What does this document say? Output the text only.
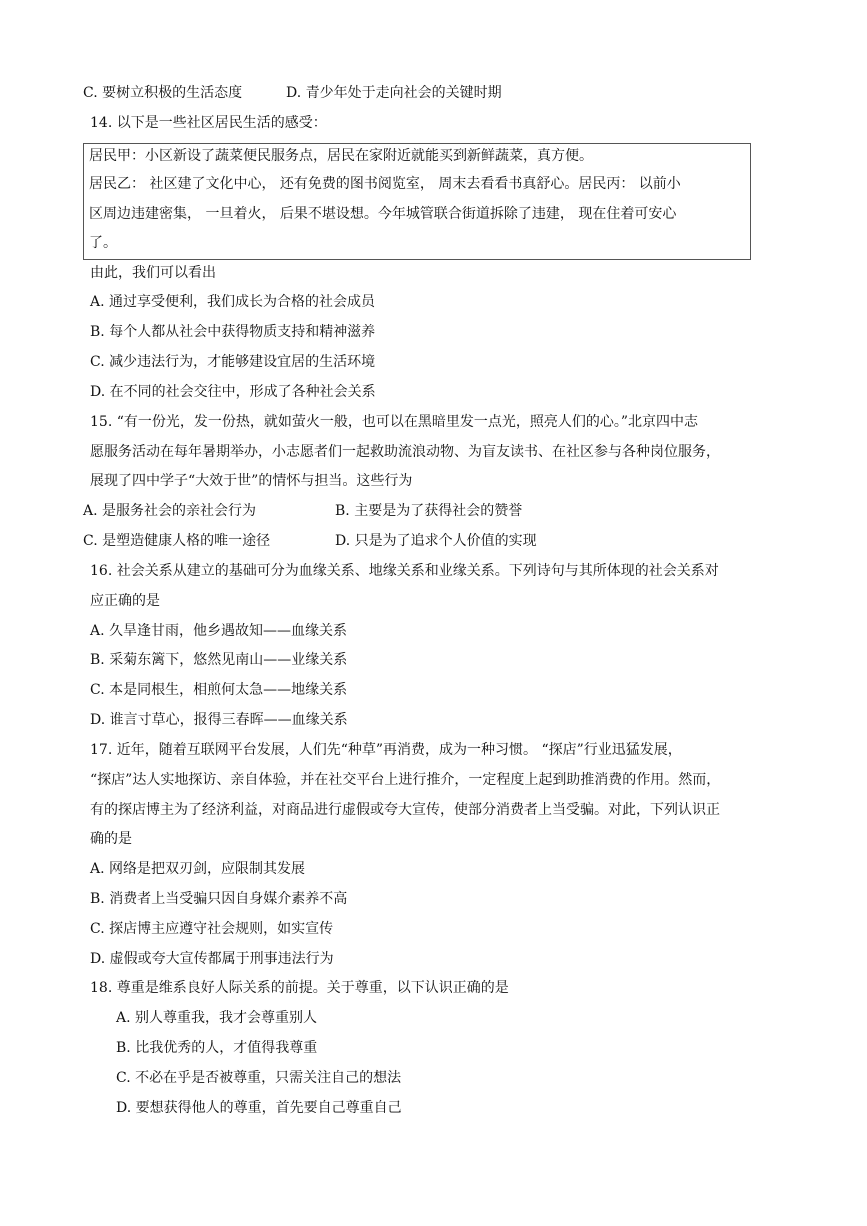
C. 要树立积极的生活态度	D. 青少年处于走向社会的关键时期
14. 以下是一些社区居民生活的感受：
居民甲：小区新设了蔬菜便民服务点，居民在家附近就能买到新鲜蔬菜，真方便。
居民乙： 社区建了文化中心， 还有免费的图书阅览室， 周末去看看书真舒心。居民丙： 以前小
区周边违建密集， 一旦着火， 后果不堪设想。今年城管联合街道拆除了违建， 现在住着可安心
了。
由此，我们可以看出
A. 通过享受便利，我们成长为合格的社会成员
B. 每个人都从社会中获得物质支持和精神滋养
C. 减少违法行为，才能够建设宜居的生活环境
D. 在不同的社会交往中，形成了各种社会关系
15. “有一份光，发一份热，就如萤火一般，也可以在黑暗里发一点光，照亮人们的心。”北京四中志
愿服务活动在每年暑期举办，小志愿者们一起救助流浪动物、为盲友读书、在社区参与各种岗位服务，
展现了四中学子“大效于世”的情怀与担当。这些行为
A. 是服务社会的亲社会行为	B. 主要是为了获得社会的赞誉
C. 是塑造健康人格的唯一途径	D. 只是为了追求个人价值的实现
16. 社会关系从建立的基础可分为血缘关系、地缘关系和业缘关系。下列诗句与其所体现的社会关系对
应正确的是
A. 久旱逢甘雨，他乡遇故知——血缘关系
B. 采菊东篱下，悠然见南山——业缘关系
C. 本是同根生，相煎何太急——地缘关系
D. 谁言寸草心，报得三春晖——血缘关系
17. 近年，随着互联网平台发展，人们先“种草”再消费，成为一种习惯。 “探店”行业迅猛发展，
“探店”达人实地探访、亲自体验，并在社交平台上进行推介，一定程度上起到助推消费的作用。然而，
有的探店博主为了经济利益，对商品进行虚假或夸大宣传，使部分消费者上当受骗。对此，下列认识正
确的是
A. 网络是把双刃剑，应限制其发展
B. 消费者上当受骗只因自身媒介素养不高
C. 探店博主应遵守社会规则，如实宣传
D. 虚假或夸大宣传都属于刑事违法行为
18. 尊重是维系良好人际关系的前提。关于尊重，以下认识正确的是
A. 别人尊重我，我才会尊重别人
B. 比我优秀的人，才值得我尊重
C. 不必在乎是否被尊重，只需关注自己的想法
D. 要想获得他人的尊重，首先要自己尊重自己
